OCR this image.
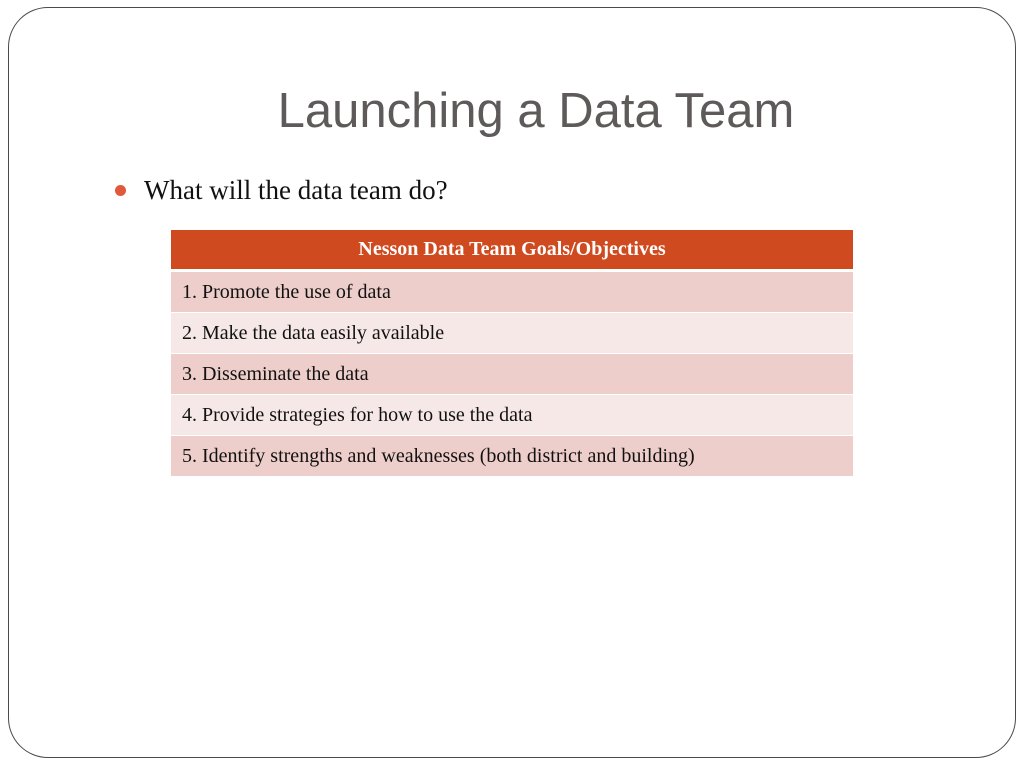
Launching a Data Team
What will the data team do?
Nesson Data Team Goals/Objectives
1. Promote the use of data
2. Make the data easily available
3. Disseminate the data
4. Provide strategies for how to use the data
5. Identify strengths and weaknesses (both district and building)
